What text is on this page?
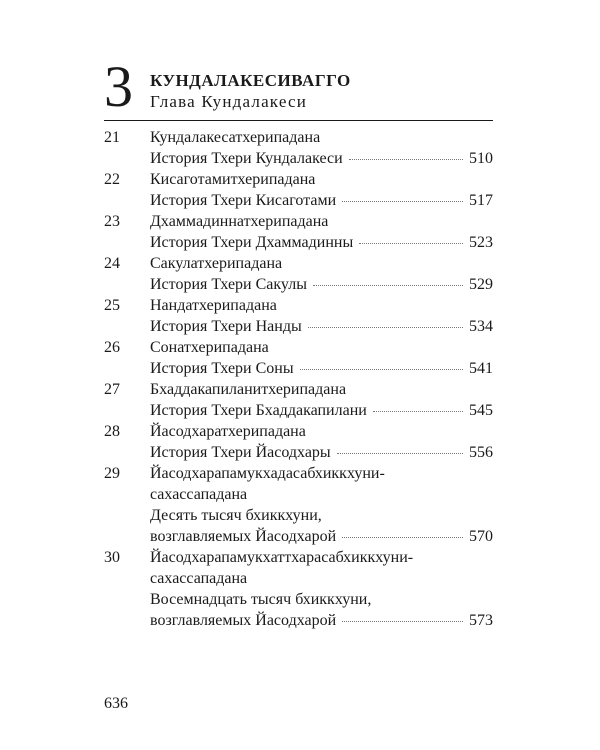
3 КУНДАЛАКЕСИВАГГО
Глава Кундалакеси
21 Кундалакесатхерипадана
История Тхери Кундалакеси	510
22 Кисаготамитхерипадана
История Тхери Кисаготами	517
23 Дхаммадиннатхерипадана
История Тхери Дхаммадинны	523
24 Сакулатхерипадана
История Тхери Сакулы	529
25 Нандатхерипадана
История Тхери Нанды	534
26 Сонатхерипадана
История Тхери Соны	541
27 Бхаддакапиланитхерипадана
История Тхери Бхаддакапилани	545
28 Йасодхаратхерипадана
История Тхери Йасодхары	556
29 Йасодхарапамукхадасабхиккхуни-
сахассападана
Десять тысяч бхиккхуни,
возглавляемых Йасодхарой	570
30 Йасодхарапамукхаттхарасабхиккхуни-
сахассападана
Восемнадцать тысяч бхиккхуни,
возглавляемых Йасодхарой	573
636
